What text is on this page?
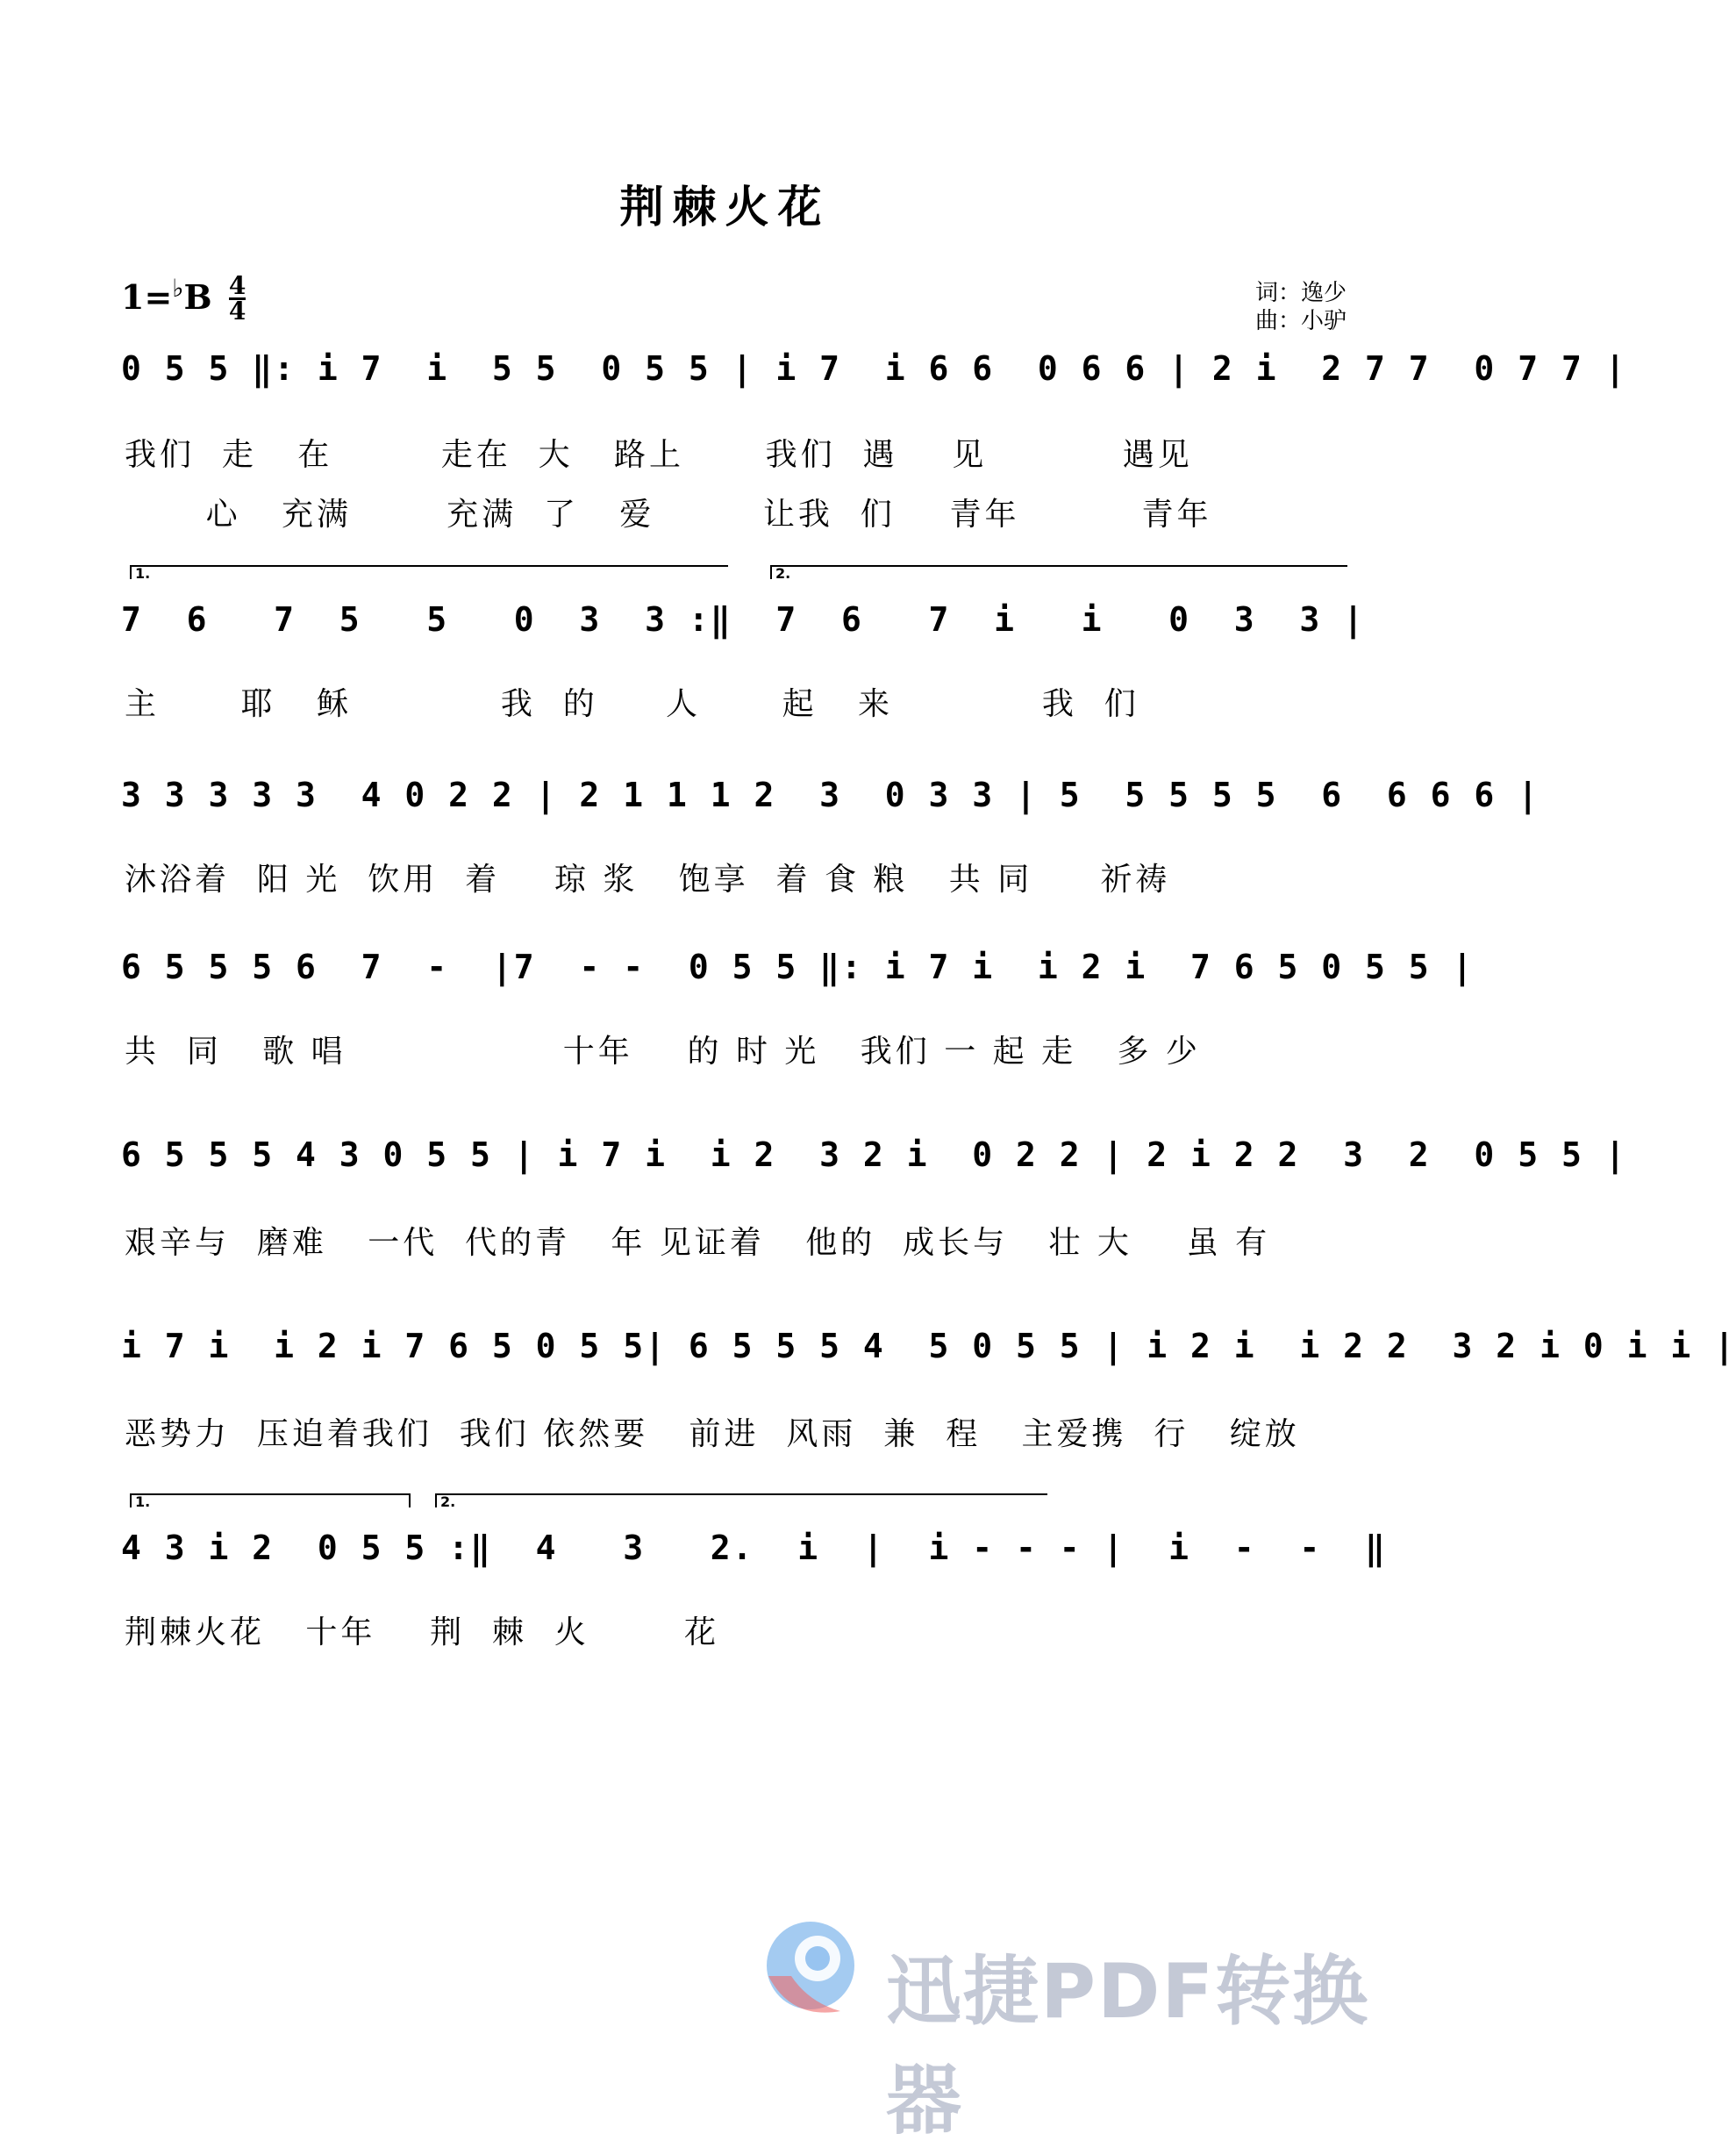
荆棘火花
$1=^♭B \frac{4}{4}$	词：逸少
曲：小驴
0 5 5 ‖: i 7  i  5 5  0 5 5 | i 7  i 6 6  0 6 6 | 2 i  2 7 7  0 7 7 |
我们  走   在        走在  大   路上      我们  遇    见          遇见
心   充满       充满  了   爱        让我  们    青年         青年
1.	2.
7  6   7  5   5   0  3  3 :‖  7  6   7  i   i   0  3  3 |
主      耶   稣           我  的     人      起   来           我  们
3 3 3 3 3  4 0 2 2 | 2 1 1 1 2  3  0 3 3 | 5  5 5 5 5  6  6 6 6 |
沐浴着  阳 光  饮用  着    琼 浆   饱享  着 食 粮   共 同     祈祷
6 5 5 5 6  7  -  |7  - -  0 5 5 ‖: i 7 i  i 2 i  7 6 5 0 5 5 |
共  同   歌 唱                十年    的 时 光   我们 一 起 走   多 少
6 5 5 5 4 3 0 5 5 | i 7 i  i 2  3 2 i  0 2 2 | 2 i 2 2  3  2  0 5 5 |
艰辛与  磨难   一代  代的青   年 见证着   他的  成长与   壮 大    虽 有
i 7 i  i 2 i 7 6 5 0 5 5| 6 5 5 5 4  5 0 5 5 | i 2 i  i 2 2  3 2 i 0 i i |
恶势力  压迫着我们  我们 依然要   前进  风雨  兼  程   主爱携  行   绽放
1.	2.
4 3 i 2  0 5 5 :‖  4   3   2.  i  |  i - - - |  i  -  -  ‖
荆棘火花   十年    荆  棘  火       花
迅捷PDF转换器
